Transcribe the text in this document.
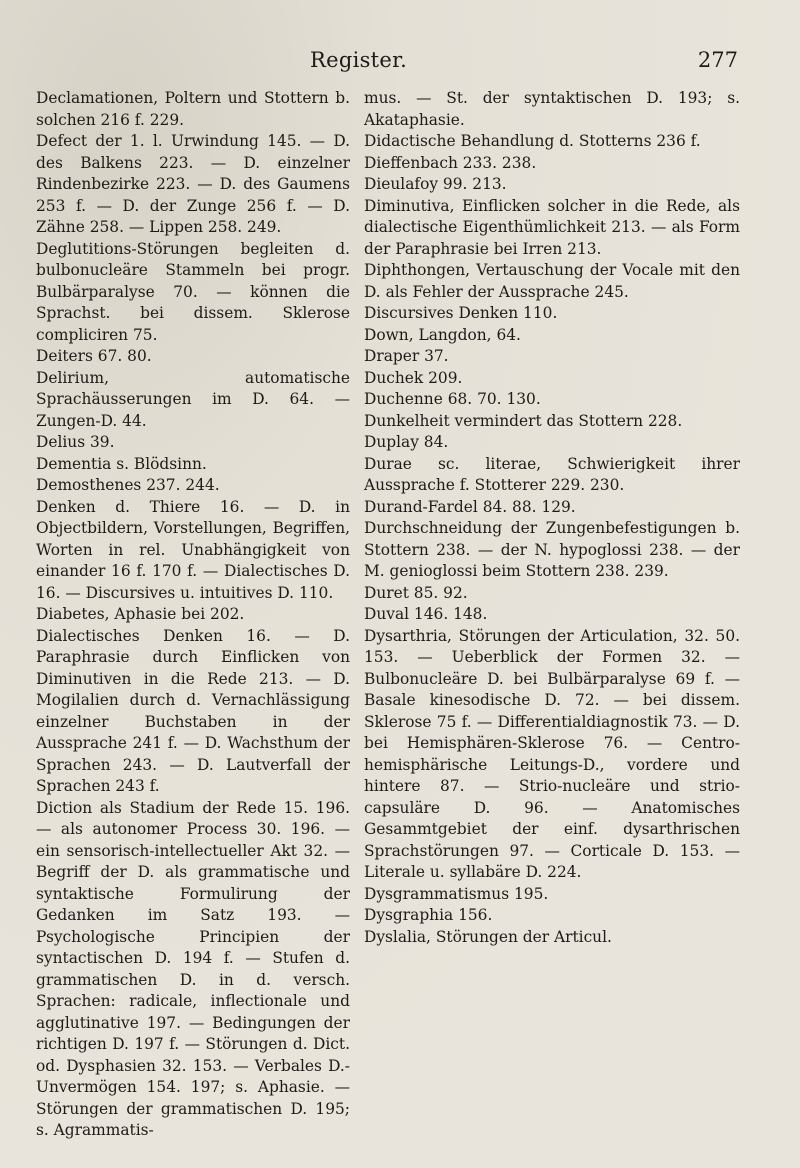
Register.	277

Declamationen, Poltern und Stottern b. solchen 216 f. 229.

Defect der 1. l. Urwindung 145. — D. des Balkens 223. — D. einzelner Rindenbezirke 223. — D. des Gaumens 253 f. — D. der Zunge 256 f. — D. Zähne 258. — Lippen 258. 249.

Deglutitions-Störungen begleiten d. bulbonucleäre Stammeln bei progr. Bulbärparalyse 70. — können die Sprachst. bei dissem. Sklerose compliciren 75.

Deiters 67. 80.

Delirium, automatische Sprachäusserungen im D. 64. — Zungen-D. 44.

Delius 39.

Dementia s. Blödsinn.

Demosthenes 237. 244.

Denken d. Thiere 16. — D. in Objectbildern, Vorstellungen, Begriffen, Worten in rel. Unabhängigkeit von einander 16 f. 170 f. — Dialectisches D. 16. — Discursives u. intuitives D. 110.

Diabetes, Aphasie bei 202.

Dialectisches Denken 16. — D. Paraphrasie durch Einflicken von Diminutiven in die Rede 213. — D. Mogilalien durch d. Vernachlässigung einzelner Buchstaben in der Aussprache 241 f. — D. Wachsthum der Sprachen 243. — D. Lautverfall der Sprachen 243 f.

Diction als Stadium der Rede 15. 196. — als autonomer Process 30. 196. — ein sensorisch-intellectueller Akt 32. — Begriff der D. als grammatische und syntaktische Formulirung der Gedanken im Satz 193. — Psychologische Principien der syntactischen D. 194 f. — Stufen d. grammatischen D. in d. versch. Sprachen: radicale, inflectionale und agglutinative 197. — Bedingungen der richtigen D. 197 f. — Störungen d. Dict. od. Dysphasien 32. 153. — Verbales D.-Unvermögen 154. 197; s. Aphasie. — Störungen der grammatischen D. 195; s. Agrammatis-

mus. — St. der syntaktischen D. 193; s. Akataphasie.

Didactische Behandlung d. Stotterns 236 f.

Dieffenbach 233. 238.

Dieulafoy 99. 213.

Diminutiva, Einflicken solcher in die Rede, als dialectische Eigenthümlichkeit 213. — als Form der Paraphrasie bei Irren 213.

Diphthongen, Vertauschung der Vocale mit den D. als Fehler der Aussprache 245.

Discursives Denken 110.

Down, Langdon, 64.

Draper 37.

Duchek 209.

Duchenne 68. 70. 130.

Dunkelheit vermindert das Stottern 228.

Duplay 84.

Durae sc. literae, Schwierigkeit ihrer Aussprache f. Stotterer 229. 230.

Durand-Fardel 84. 88. 129.

Durchschneidung der Zungenbefestigungen b. Stottern 238. — der N. hypoglossi 238. — der M. genioglossi beim Stottern 238. 239.

Duret 85. 92.

Duval 146. 148.

Dysarthria, Störungen der Articulation, 32. 50. 153. — Ueberblick der Formen 32. — Bulbonucleäre D. bei Bulbärparalyse 69 f. — Basale kinesodische D. 72. — bei dissem. Sklerose 75 f. — Differentialdiagnostik 73. — D. bei Hemisphären-Sklerose 76. — Centro-hemisphärische Leitungs-D., vordere und hintere 87. — Strio-nucleäre und strio-capsuläre D. 96. — Anatomisches Gesammtgebiet der einf. dysarthrischen Sprachstörungen 97. — Corticale D. 153. — Literale u. syllabäre D. 224.

Dysgrammatismus 195.

Dysgraphia 156.

Dyslalia, Störungen der Articul.
